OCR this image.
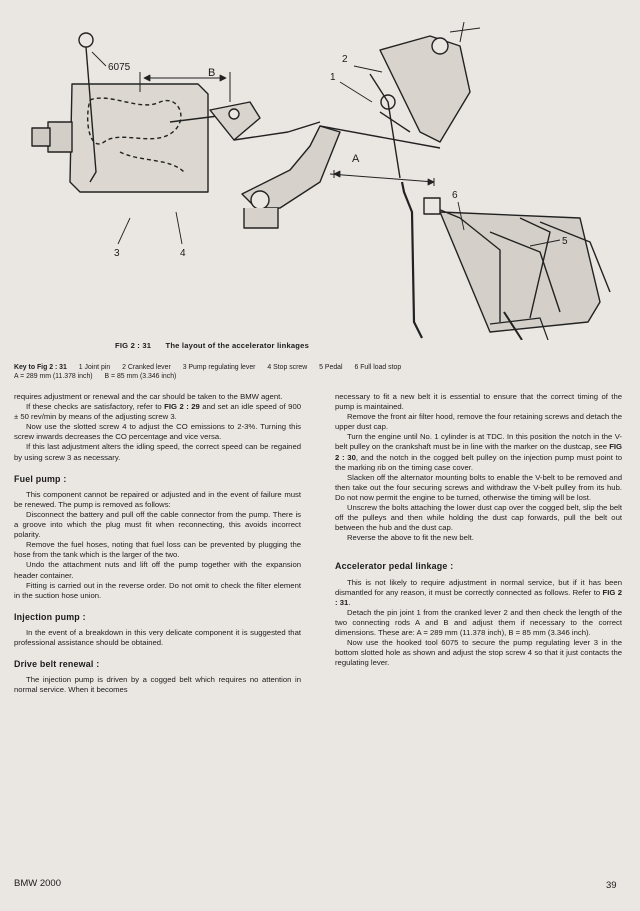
6075	B
A
1
2
3	4
5
6
FIG 2 : 31 The layout of the accelerator linkages
Key to Fig 2 : 31 1 Joint pin 2 Cranked lever 3 Pump regulating lever 4 Stop screw 5 Pedal 6 Full load stop
A = 289 mm (11.378 inch) B = 85 mm (3.346 inch)

requires adjustment or renewal and the car should be taken to the BMW agent.

If these checks are satisfactory, refer to FIG 2 : 29 and set an idle speed of 900 ± 50 rev/min by means of the adjusting screw 3.

Now use the slotted screw 4 to adjust the CO emissions to 2-3%. Turning this screw inwards decreases the CO percentage and vice versa.

If this last adjustment alters the idling speed, the correct speed can be regained by using screw 3 as necessary.

Fuel pump :

This component cannot be repaired or adjusted and in the event of failure must be renewed. The pump is removed as follows:

Disconnect the battery and pull off the cable connector from the pump. There is a groove into which the plug must fit when reconnecting, this avoids incorrect polarity.

Remove the fuel hoses, noting that fuel loss can be prevented by plugging the hose from the tank which is the larger of the two.

Undo the attachment nuts and lift off the pump together with the expansion header container.

Fitting is carried out in the reverse order. Do not omit to check the filter element in the suction hose union.

Injection pump :

In the event of a breakdown in this very delicate component it is suggested that professional assistance should be obtained.

Drive belt renewal :

The injection pump is driven by a cogged belt which requires no attention in normal service. When it becomes

necessary to fit a new belt it is essential to ensure that the correct timing of the pump is maintained.

Remove the front air filter hood, remove the four retaining screws and detach the upper dust cap.

Turn the engine until No. 1 cylinder is at TDC. In this position the notch in the V-belt pulley on the crankshaft must be in line with the marker on the dustcap, see FIG 2 : 30, and the notch in the cogged belt pulley on the injection pump must point to the marking rib on the timing case cover.

Slacken off the alternator mounting bolts to enable the V-belt to be removed and then take out the four securing screws and withdraw the V-belt pulley from its hub. Do not now permit the engine to be turned, otherwise the timing will be lost.

Unscrew the bolts attaching the lower dust cap over the cogged belt, slip the belt off the pulleys and then while holding the dust cap forwards, pull the belt out between the hub and the dust cap.

Reverse the above to fit the new belt.

Accelerator pedal linkage :

This is not likely to require adjustment in normal service, but if it has been dismantled for any reason, it must be correctly connected as follows. Refer to FIG 2 : 31.

Detach the pin joint 1 from the cranked lever 2 and then check the length of the two connecting rods A and B and adjust them if necessary to the correct dimensions. These are: A = 289 mm (11.378 inch), B = 85 mm (3.346 inch).

Now use the hooked tool 6075 to secure the pump regulating lever 3 in the bottom slotted hole as shown and adjust the stop screw 4 so that it just contacts the regulating lever.

BMW 2000	39
